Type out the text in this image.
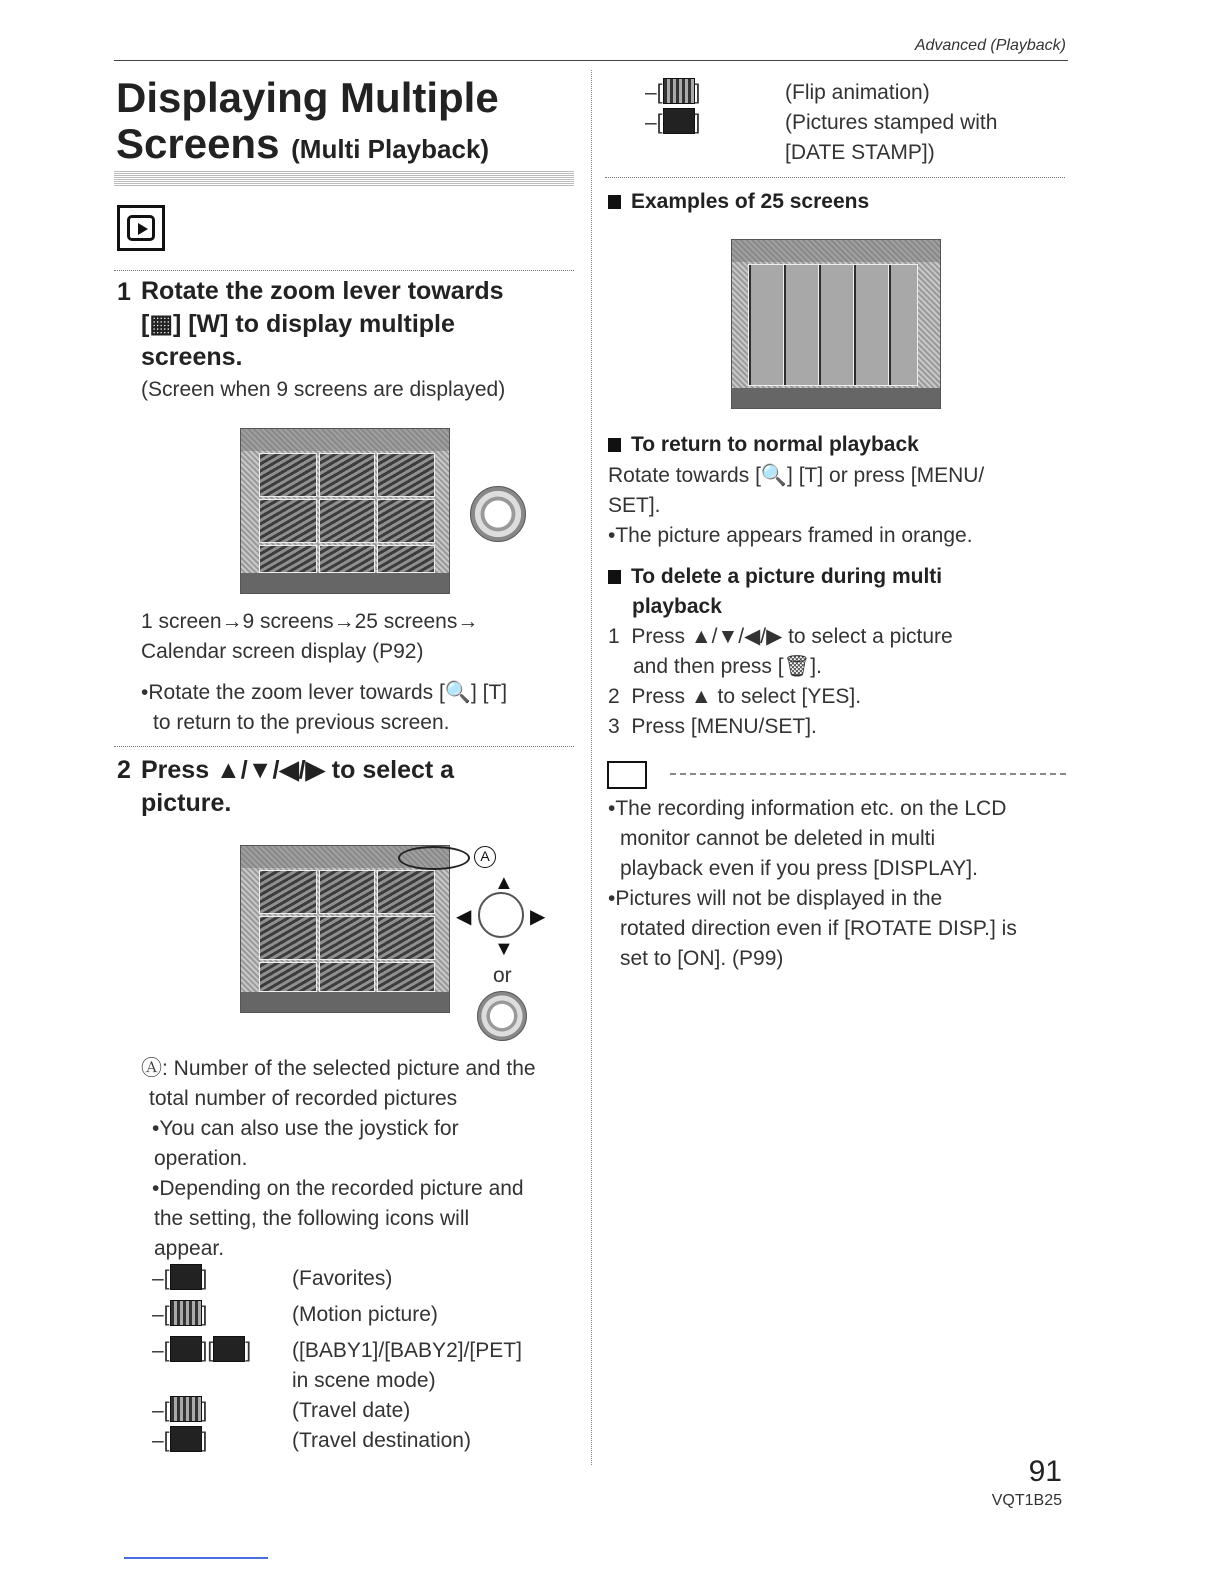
Advanced (Playback)
Displaying Multiple
Screens (Multi Playback)
1 Rotate the zoom lever towards
[▦] [W] to display multiple
screens.
(Screen when 9 screens are displayed)
1 screen→9 screens→25 screens→
Calendar screen display (P92)
•Rotate the zoom lever towards [🔍] [T]
to return to the previous screen.
2 Press ▲/▼/◀/▶ to select a
picture.
A
▲
◀	▶
▼
or
Ⓐ: Number of the selected picture and the
total number of recorded pictures
•You can also use the joystick for
operation.
•Depending on the recorded picture and
the setting, the following icons will
appear.
–[ ]	(Favorites)
–[ ]	(Motion picture)
–[ ][ ] ([BABY1]/[BABY2]/[PET]
in scene mode)
–[ ]	(Travel date)
–[ ]	(Travel destination)
–[ ]	(Flip animation)
–[ ]	(Pictures stamped with
[DATE STAMP])
Examples of 25 screens
To return to normal playback
Rotate towards [🔍] [T] or press [MENU/
SET].
•The picture appears framed in orange.
To delete a picture during multi
playback
1 Press ▲/▼/◀/▶ to select a picture
and then press [🗑].
2 Press ▲ to select [YES].
3 Press [MENU/SET].
•The recording information etc. on the LCD
monitor cannot be deleted in multi
playback even if you press [DISPLAY].
•Pictures will not be displayed in the
rotated direction even if [ROTATE DISP.] is
set to [ON]. (P99)
91
VQT1B25
